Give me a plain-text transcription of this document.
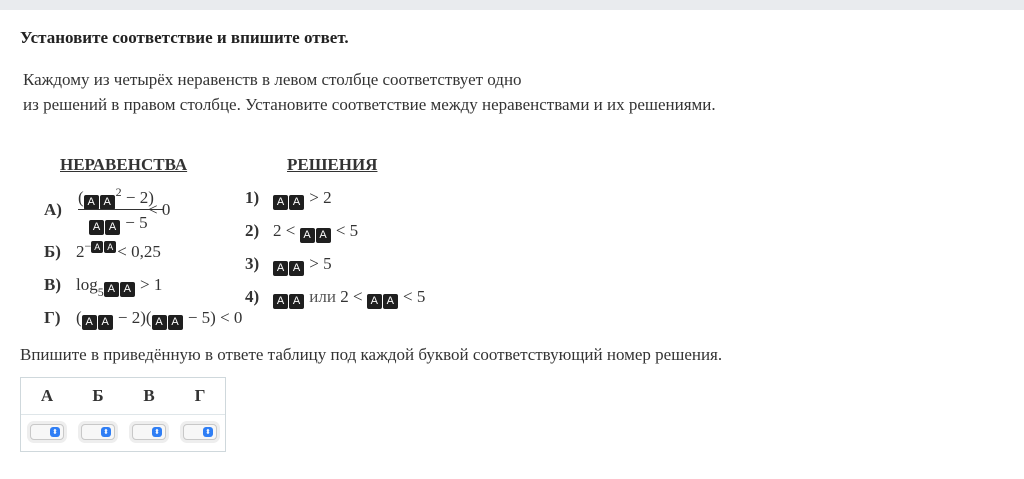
Установите соответствие и впишите ответ.
Каждому из четырёх неравенств в левом столбце соответствует одно
из решений в правом столбце. Установите соответствие между неравенствами и их решениями.
НЕРАВЕНСТВА	РЕШЕНИЯ
А)
( A $A^2 - 2$)
A A − 5
< 0
Б) 2− A A < 0,25
В) $\log_5 A$ A > 1
Г) ( A A − 2)( A A − 5) < 0
1)	A A > 2
2) 2 < A A < 5
3)	A A > 5
4)	A A или 2 < A A < 5
Впишите в приведённую в ответе таблицу под каждой буквой соответствующий номер решения.
А	Б	В	Г
⬍	⬍	⬍	⬍
